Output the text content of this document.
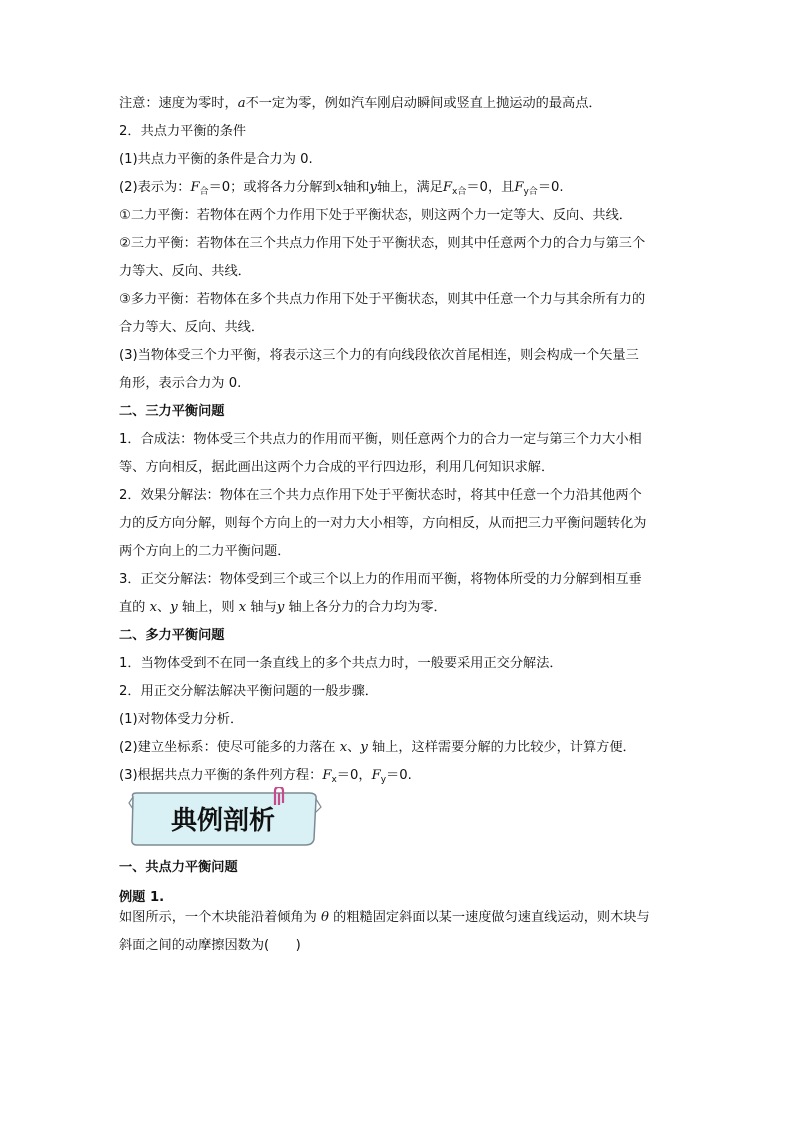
注意：速度为零时，a不一定为零，例如汽车刚启动瞬间或竖直上抛运动的最高点．
2．共点力平衡的条件
(1)共点力平衡的条件是合力为 0.
(2)表示为：$F_合=0$；或将各力分解到x轴和y轴上，满足$F_{x合}=0$，且$F_{y合}=0$.
①二力平衡：若物体在两个力作用下处于平衡状态，则这两个力一定等大、反向、共线．
②三力平衡：若物体在三个共点力作用下处于平衡状态，则其中任意两个力的合力与第三个
力等大、反向、共线．
③多力平衡：若物体在多个共点力作用下处于平衡状态，则其中任意一个力与其余所有力的
合力等大、反向、共线．
(3)当物体受三个力平衡，将表示这三个力的有向线段依次首尾相连，则会构成一个矢量三
角形，表示合力为 0.
二、三力平衡问题
1．合成法：物体受三个共点力的作用而平衡，则任意两个力的合力一定与第三个力大小相
等、方向相反，据此画出这两个力合成的平行四边形，利用几何知识求解．
2．效果分解法：物体在三个共力点作用下处于平衡状态时，将其中任意一个力沿其他两个
力的反方向分解，则每个方向上的一对力大小相等，方向相反，从而把三力平衡问题转化为
两个方向上的二力平衡问题．
3．正交分解法：物体受到三个或三个以上力的作用而平衡，将物体所受的力分解到相互垂
直的 x、y 轴上，则 x 轴与y 轴上各分力的合力均为零．
二、多力平衡问题
1．当物体受到不在同一条直线上的多个共点力时，一般要采用正交分解法．
2．用正交分解法解决平衡问题的一般步骤．
(1)对物体受力分析．
(2)建立坐标系：使尽可能多的力落在 x、y 轴上，这样需要分解的力比较少，计算方便．
(3)根据共点力平衡的条件列方程：$F_x=0$，$F_y=0$.
典例剖析
一、共点力平衡问题
例题 1.
如图所示，一个木块能沿着倾角为 θ 的粗糙固定斜面以某一速度做匀速直线运动，则木块与
斜面之间的动摩擦因数为(　　)
